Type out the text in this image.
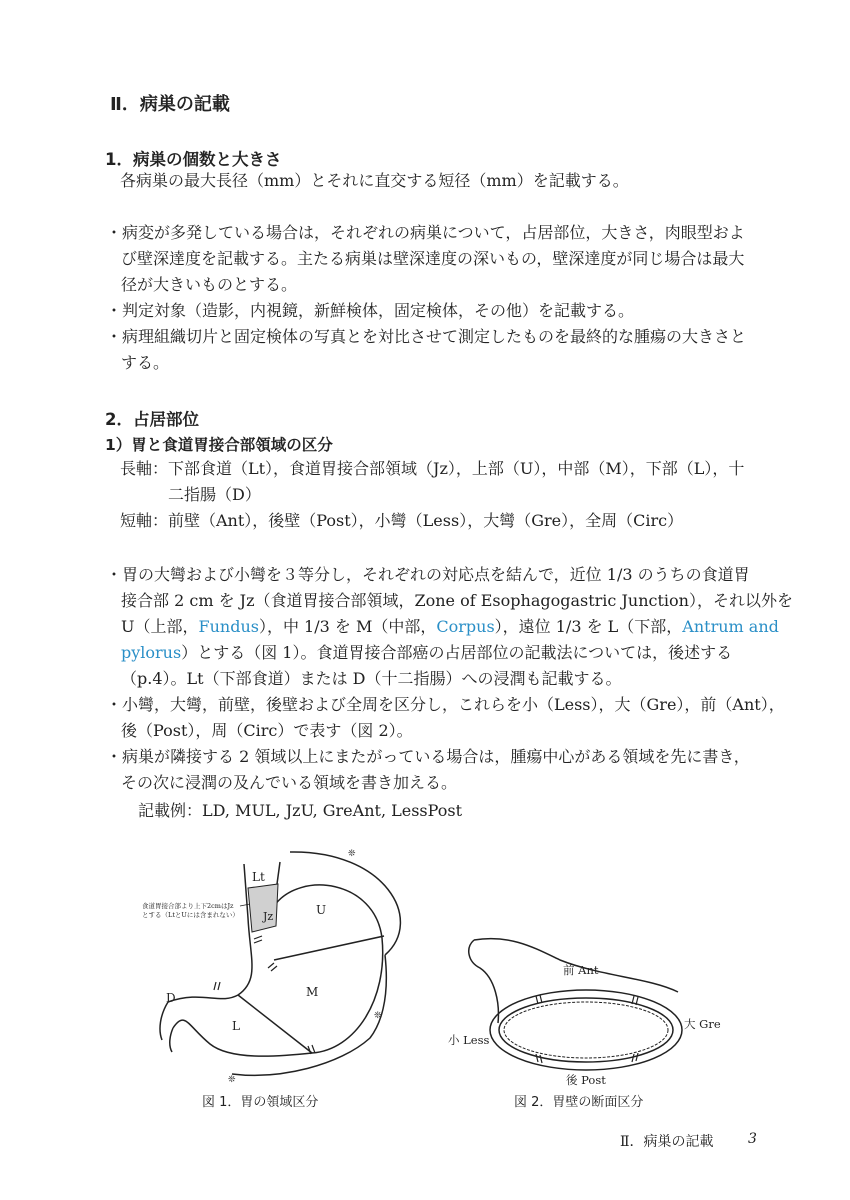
Ⅱ．病巣の記載
1．病巣の個数と大きさ
各病巣の最大長径（mm）とそれに直交する短径（mm）を記載する。
・病変が多発している場合は，それぞれの病巣について，占居部位，大きさ，肉眼型およ
び壁深達度を記載する。主たる病巣は壁深達度の深いもの，壁深達度が同じ場合は最大
径が大きいものとする。
・判定対象（造影，内視鏡，新鮮検体，固定検体，その他）を記載する。
・病理組織切片と固定検体の写真とを対比させて測定したものを最終的な腫瘍の大きさと
する。
2．占居部位
1）胃と食道胃接合部領域の区分
長軸：下部食道（Lt），食道胃接合部領域（Jz），上部（U），中部（M），下部（L），十
二指腸（D）
短軸：前壁（Ant），後壁（Post），小彎（Less），大彎（Gre），全周（Circ）
・胃の大彎および小彎を３等分し，それぞれの対応点を結んで，近位 1/3 のうちの食道胃
接合部 2 cm を Jz（食道胃接合部領域，Zone of Esophagogastric Junction），それ以外を
U（上部，Fundus），中 1/3 を M（中部，Corpus），遠位 1/3 を L（下部，Antrum and
pylorus）とする（図 1）。食道胃接合部癌の占居部位の記載法については，後述する
（p.4）。Lt（下部食道）または D（十二指腸）への浸潤も記載する。
・小彎，大彎，前壁，後壁および全周を区分し，これらを小（Less），大（Gre），前（Ant），
後（Post），周（Circ）で表す（図 2）。
・病巣が隣接する 2 領域以上にまたがっている場合は，腫瘍中心がある領域を先に書き，
その次に浸潤の及んでいる領域を書き加える。
記載例：LD, MUL, JzU, GreAnt, LessPost
❊
❊
❊
Lt
Jz	U
M
L
D
食道胃接合部より上下2cmはJz
とする（LtとUには含まれない）
図 1．胃の領域区分
前 Ant
大 Gre
小 Less
後 Post
図 2．胃壁の断面区分
Ⅱ．病巣の記載 3
